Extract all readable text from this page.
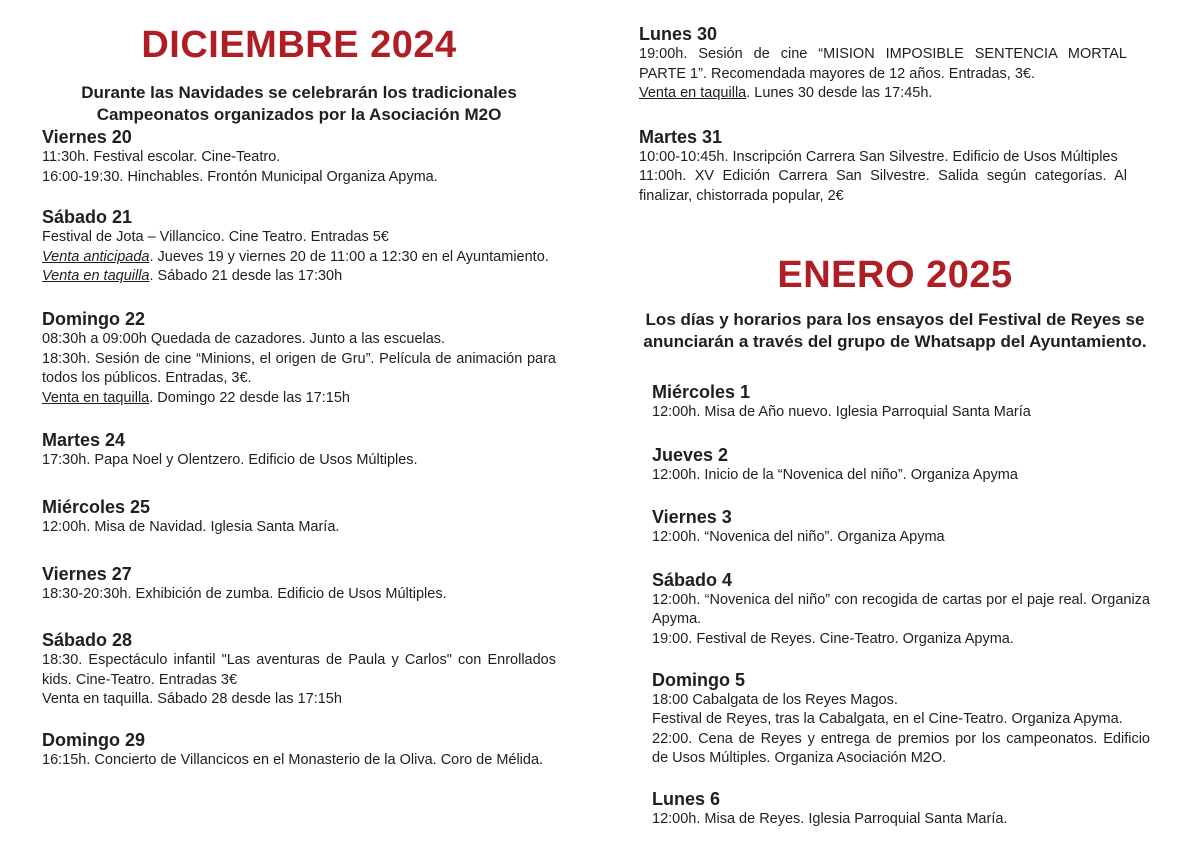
DICIEMBRE 2024

Durante las Navidades se celebrarán los tradicionales Campeonatos organizados por la Asociación M2O

Viernes 20

11:30h. Festival escolar. Cine-Teatro.

16:00-19:30. Hinchables. Frontón Municipal Organiza Apyma.

Sábado 21

Festival de Jota – Villancico. Cine Teatro. Entradas 5€

Venta anticipada. Jueves 19 y viernes 20 de 11:00 a 12:30 en el Ayuntamiento.

Venta en taquilla. Sábado 21 desde las 17:30h

Domingo 22

08:30h a 09:00h Quedada de cazadores. Junto a las escuelas.

18:30h. Sesión de cine “Minions, el origen de Gru”. Película de animación para todos los públicos. Entradas, 3€.

Venta en taquilla. Domingo 22 desde las 17:15h

Martes 24

17:30h. Papa Noel y Olentzero. Edificio de Usos Múltiples.

Miércoles 25

12:00h. Misa de Navidad. Iglesia Santa María.

Viernes 27

18:30-20:30h. Exhibición de zumba. Edificio de Usos Múltiples.

Sábado 28

18:30. Espectáculo infantil "Las aventuras de Paula y Carlos" con Enrollados kids. Cine-Teatro. Entradas 3€

Venta en taquilla. Sábado 28 desde las 17:15h

Domingo 29

16:15h. Concierto de Villancicos en el Monasterio de la Oliva. Coro de Mélida.

Lunes 30

19:00h. Sesión de cine “MISION IMPOSIBLE SENTENCIA MORTAL PARTE 1”. Recomendada mayores de 12 años. Entradas, 3€.

Venta en taquilla. Lunes 30 desde las 17:45h.

Martes 31

10:00-10:45h. Inscripción Carrera San Silvestre. Edificio de Usos Múltiples

11:00h. XV Edición Carrera San Silvestre. Salida según categorías. Al finalizar, chistorrada popular, 2€

ENERO 2025

Los días y horarios para los ensayos del Festival de Reyes se anunciarán a través del grupo de Whatsapp del Ayuntamiento.

Miércoles 1

12:00h. Misa de Año nuevo. Iglesia Parroquial Santa María

Jueves 2

12:00h. Inicio de la “Novenica del niño”. Organiza Apyma

Viernes 3

12:00h. “Novenica del niño”. Organiza Apyma

Sábado 4

12:00h. “Novenica del niño” con recogida de cartas por el paje real. Organiza Apyma.

19:00. Festival de Reyes. Cine-Teatro. Organiza Apyma.

Domingo 5

18:00 Cabalgata de los Reyes Magos.

Festival de Reyes, tras la Cabalgata, en el Cine-Teatro. Organiza Apyma.

22:00. Cena de Reyes y entrega de premios por los campeonatos. Edificio de Usos Múltiples. Organiza Asociación M2O.

Lunes 6

12:00h. Misa de Reyes. Iglesia Parroquial Santa María.
